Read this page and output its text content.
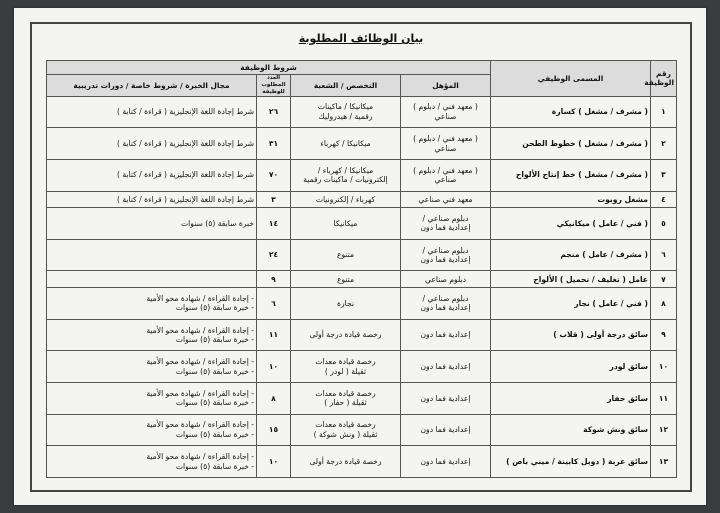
بيان الوظائف المطلوبة
رقم الوظيفة	المسمى الوظيفي	شروط الوظيفة			
		المؤهل	التخصص / الشعبة	العدد المطلوب للوظيفة	مجال الخبرة / شروط خاصة / دورات تدريبية
١	( مشرف / مشغل ) كسارة	( معهد فني / دبلوم )
صناعي	ميكانيكا / ماكينات
رقمية / هيدروليك	٢٦	شرط إجادة اللغة الإنجليزية ( قراءة / كتابة )

٢	( مشرف / مشغل ) خطوط الطحن	( معهد فني / دبلوم )
صناعي	ميكانيكا / كهرباء	٣١	شرط إجادة اللغة الإنجليزية ( قراءة / كتابة )

٣	( مشرف / مشغل ) خط إنتاج الألواح	( معهد فني / دبلوم )
صناعي	ميكانيكا / كهرباء /
إلكترونيات / ماكينات رقمية	٧٠	شرط إجادة اللغة الإنجليزية ( قراءة / كتابة )

٤	مشغل روبوت	معهد فني صناعي	كهرباء / إلكترونيات	٣	شرط إجادة اللغة الإنجليزية ( قراءة / كتابة )

٥	( فني / عامل ) ميكانيكي	دبلوم صناعي /
إعدادية فما دون	ميكانيكا	١٤	خبرة سابقة (٥) سنوات

٦	( مشرف / عامل ) منجم	دبلوم صناعي /
إعدادية فما دون	متنوع	٢٤	

٧	عامل ( تغليف / تحميل ) الألواح	دبلوم صناعي	متنوع	٩	

٨	( فني / عامل ) نجار	دبلوم صناعي /
إعدادية فما دون	نجارة	٦	- إجادة القراءة / شهادة محو الأمية
- خبرة سابقة (٥) سنوات

٩	سائق درجة أولى ( قلاب )	إعدادية فما دون	رخصة قيادة درجة أولى	١١	- إجادة القراءة / شهادة محو الأمية
- خبرة سابقة (٥) سنوات

١٠	سائق لودر	إعدادية فما دون	رخصة قيادة معدات
ثقيلة ( لودر )	١٠	- إجادة القراءة / شهادة محو الأمية
- خبرة سابقة (٥) سنوات

١١	سائق حفار	إعدادية فما دون	رخصة قيادة معدات
ثقيلة ( حفار )	٨	- إجادة القراءة / شهادة محو الأمية
- خبرة سابقة (٥) سنوات

١٢	سائق ونش شوكة	إعدادية فما دون	رخصة قيادة معدات
ثقيلة ( ونش شوكة )	١٥	- إجادة القراءة / شهادة محو الأمية
- خبرة سابقة (٥) سنوات

١٣	سائق عربة ( دوبل كابينة / ميني باص )	إعدادية فما دون	رخصة قيادة درجة أولى	١٠	- إجادة القراءة / شهادة محو الأمية
- خبرة سابقة (٥) سنوات
